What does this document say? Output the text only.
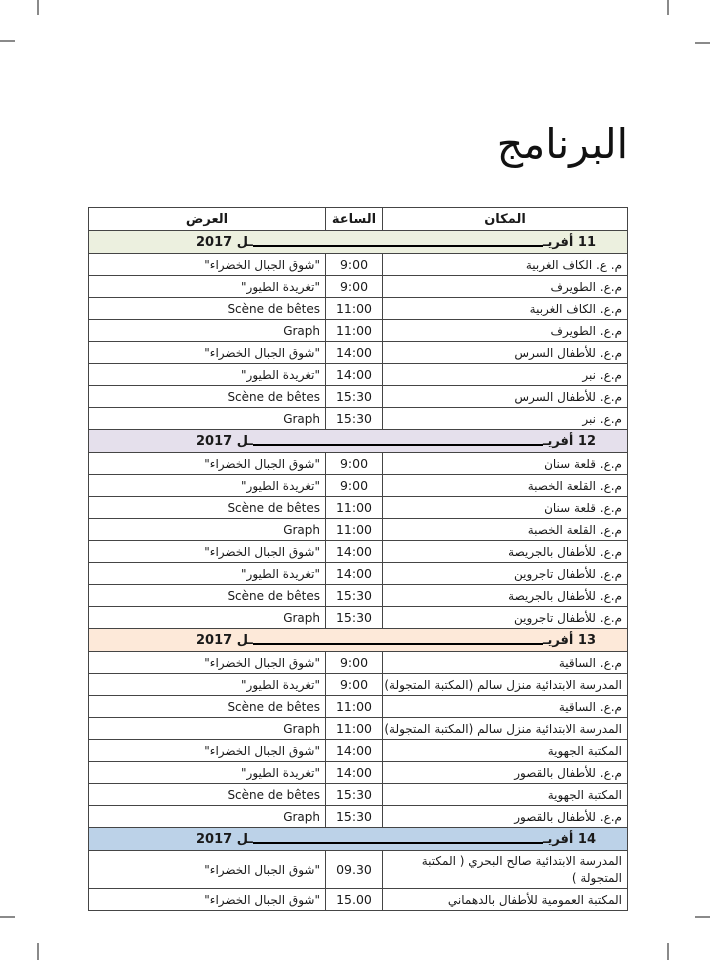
البرنامج
العرض	الساعة	المكان

11 أفريـ
ـل 2017		

"شوق الجبال الخضراء"	9:00	م. ع. الكاف الغربية
"تغريدة الطيور"	9:00	م.ع. الطويرف
Scène de bêtes	11:00	م.ع. الكاف الغربية
Graph	11:00	م.ع. الطويرف
"شوق الجبال الخضراء"	14:00	م.ع. للأطفال السرس
"تغريدة الطيور"	14:00	م.ع. نبر
Scène de bêtes	15:30	م.ع. للأطفال السرس
Graph	15:30	م.ع. نبر

12 أفريـ
ـل 2017		

"شوق الجبال الخضراء"	9:00	م.ع. قلعة سنان
"تغريدة الطيور"	9:00	م.ع. القلعة الخصبة
Scène de bêtes	11:00	م.ع. قلعة سنان
Graph	11:00	م.ع. القلعة الخصبة
"شوق الجبال الخضراء"	14:00	م.ع. للأطفال بالجريصة
"تغريدة الطيور"	14:00	م.ع. للأطفال تاجروين
Scène de bêtes	15:30	م.ع. للأطفال بالجريصة
Graph	15:30	م.ع. للأطفال تاجروين

13 أفريـ
ـل 2017		

"شوق الجبال الخضراء"	9:00	م.ع. الساقية
"تغريدة الطيور"	9:00	المدرسة الابتدائية منزل سالم (المكتبة المتجولة)
Scène de bêtes	11:00	م.ع. الساقية
Graph	11:00	المدرسة الابتدائية منزل سالم (المكتبة المتجولة)
"شوق الجبال الخضراء"	14:00	المكتبة الجهوية
"تغريدة الطيور"	14:00	م.ع. للأطفال بالقصور
Scène de bêtes	15:30	المكتبة الجهوية
Graph	15:30	م.ع. للأطفال بالقصور

14 أفريـ
ـل 2017		

"شوق الجبال الخضراء"	09.30	المدرسة الابتدائية صالح البحري ( المكتبة المتجولة )
"شوق الجبال الخضراء"	15.00	المكتبة العمومية للأطفال بالدهماني
